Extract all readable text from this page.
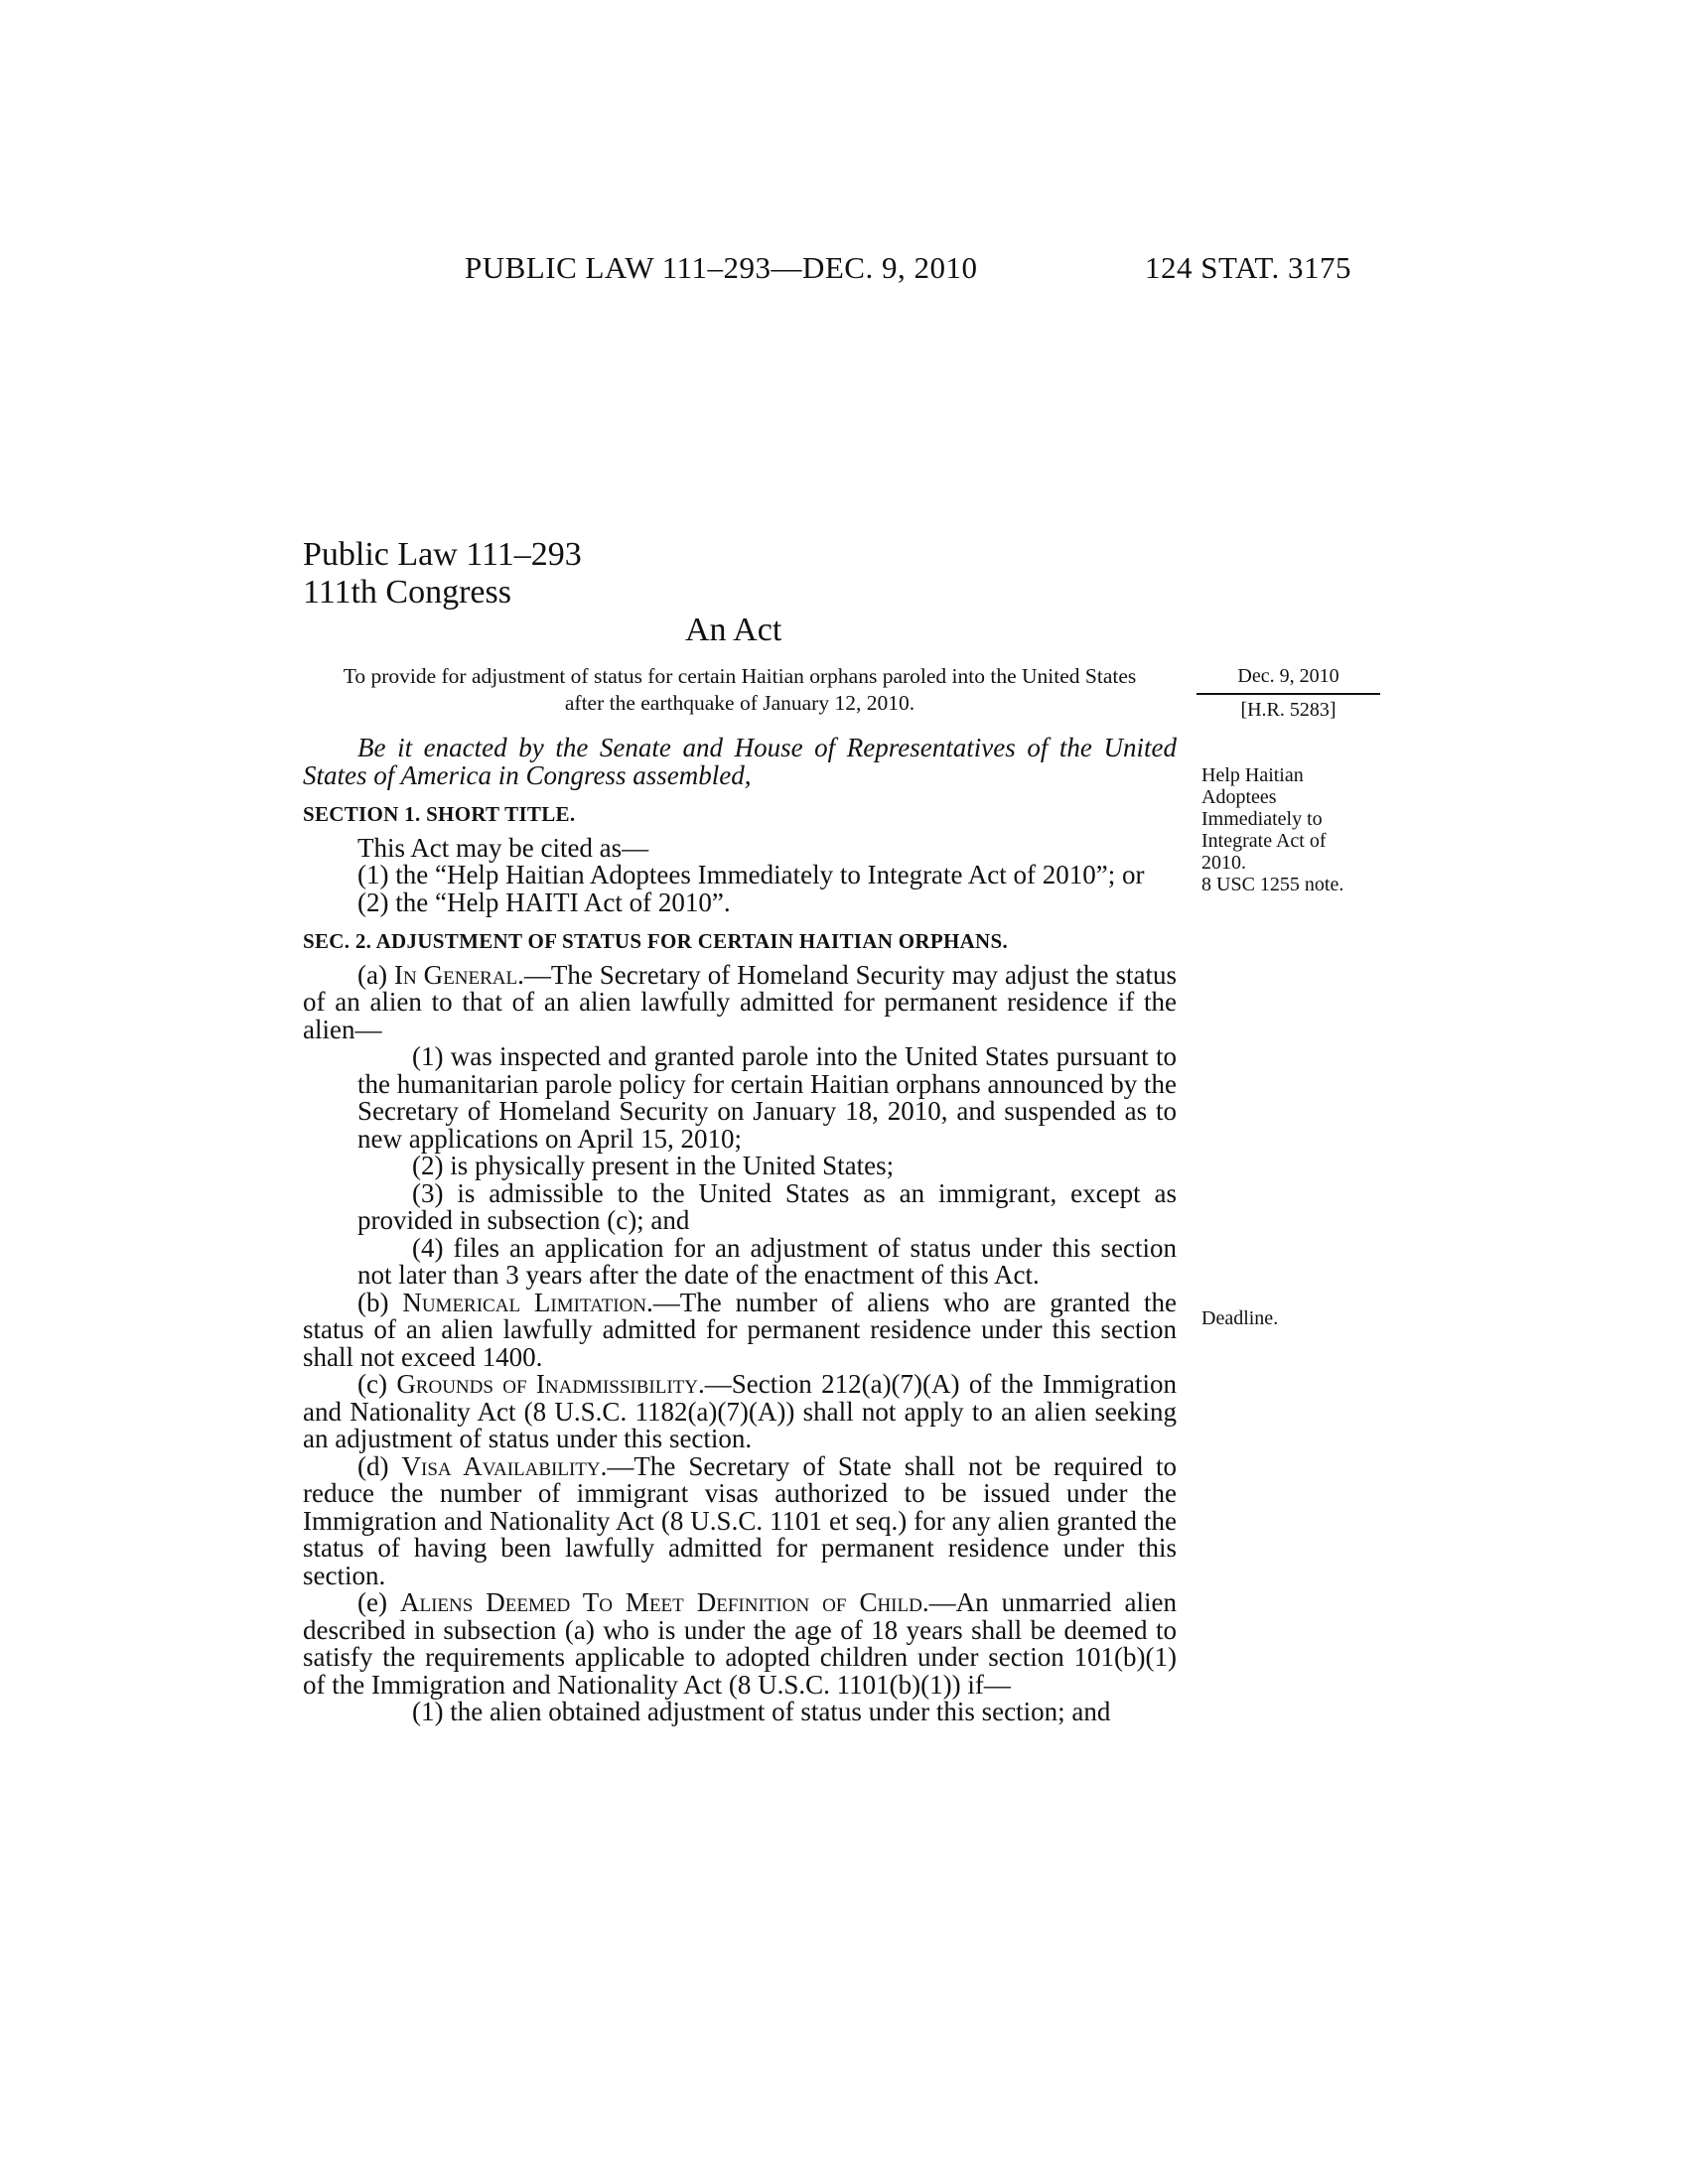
PUBLIC LAW 111–293—DEC. 9, 2010	124 STAT. 3175
Public Law 111–293
111th Congress
An Act
To provide for adjustment of status for certain Haitian orphans paroled into the United States after the earthquake of January 12, 2010.
Dec. 9, 2010
[H.R. 5283]
Help Haitian Adoptees Immediately to Integrate Act of 2010.
8 USC 1255 note.
Deadline.

Be it enacted by the Senate and House of Representatives of the United States of America in Congress assembled,

SECTION 1. SHORT TITLE.

This Act may be cited as—

(1) the “Help Haitian Adoptees Immediately to Integrate Act of 2010”; or

(2) the “Help HAITI Act of 2010”.

SEC. 2. ADJUSTMENT OF STATUS FOR CERTAIN HAITIAN ORPHANS.

(a) In General.—The Secretary of Homeland Security may adjust the status of an alien to that of an alien lawfully admitted for permanent residence if the alien—

(1) was inspected and granted parole into the United States pursuant to the humanitarian parole policy for certain Haitian orphans announced by the Secretary of Homeland Security on January 18, 2010, and suspended as to new applications on April 15, 2010;

(2) is physically present in the United States;

(3) is admissible to the United States as an immigrant, except as provided in subsection (c); and

(4) files an application for an adjustment of status under this section not later than 3 years after the date of the enactment of this Act.

(b) Numerical Limitation.—The number of aliens who are granted the status of an alien lawfully admitted for permanent residence under this section shall not exceed 1400.

(c) Grounds of Inadmissibility.—Section 212(a)(7)(A) of the Immigration and Nationality Act (8 U.S.C. 1182(a)(7)(A)) shall not apply to an alien seeking an adjustment of status under this section.

(d) Visa Availability.—The Secretary of State shall not be required to reduce the number of immigrant visas authorized to be issued under the Immigration and Nationality Act (8 U.S.C. 1101 et seq.) for any alien granted the status of having been lawfully admitted for permanent residence under this section.

(e) Aliens Deemed To Meet Definition of Child.—An unmarried alien described in subsection (a) who is under the age of 18 years shall be deemed to satisfy the requirements applicable to adopted children under section 101(b)(1) of the Immigration and Nationality Act (8 U.S.C. 1101(b)(1)) if—

(1) the alien obtained adjustment of status under this section; and
